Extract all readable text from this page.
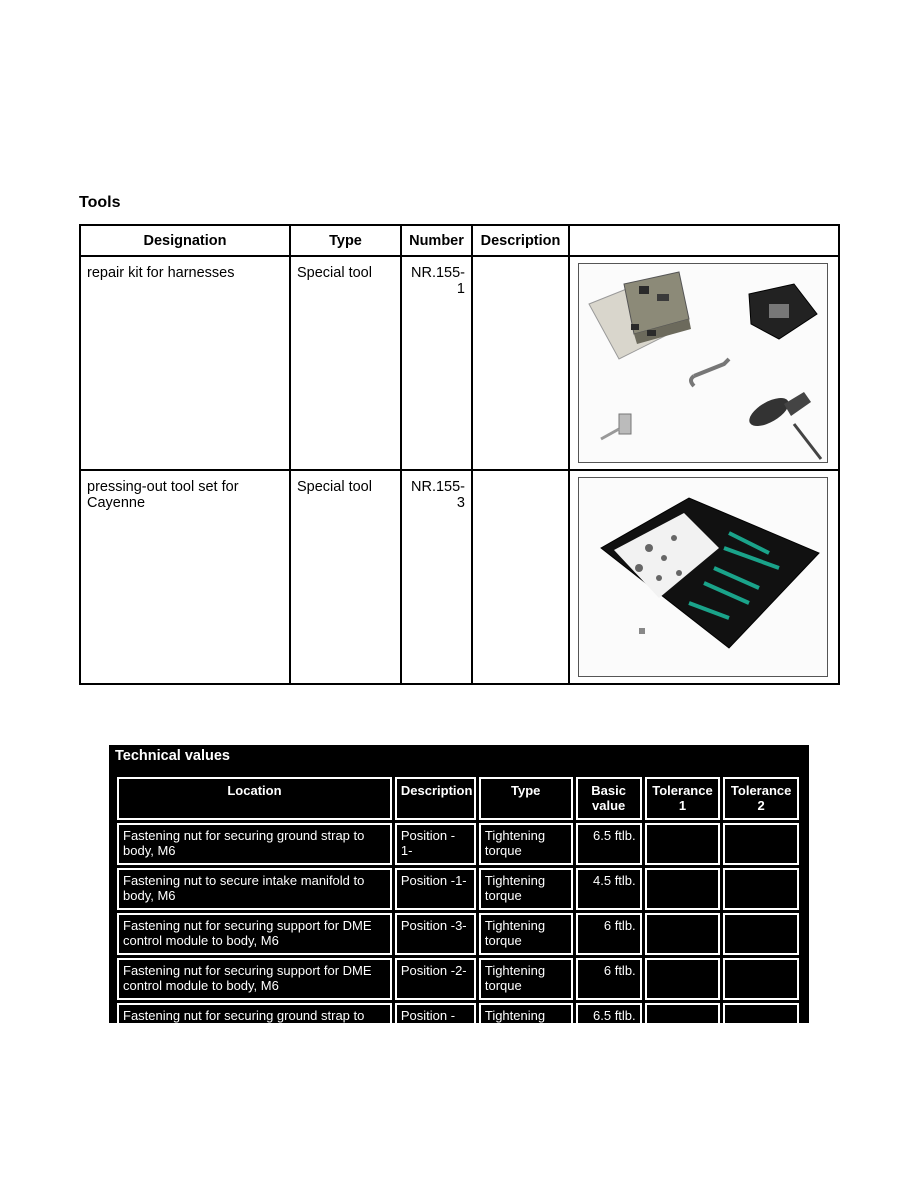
Tools
Designation	Type	Number	Description	
repair kit for harnesses	Special tool	NR.155-1		

pressing-out tool set for Cayenne	Special tool	NR.155-3		
Technical values
Location	Description	Type	Basic value	Tolerance 1	Tolerance 2
Fastening nut for securing ground strap to body, M6	Position - 1-	Tightening torque	6.5 ftlb.		
Fastening nut to secure intake manifold to body, M6	Position -1-	Tightening torque	4.5 ftlb.		
Fastening nut for securing support for DME control module to body, M6	Position -3-	Tightening torque	6 ftlb.		
Fastening nut for securing support for DME control module to body, M6	Position -2-	Tightening torque	6 ftlb.		
Fastening nut for securing ground strap to body, M6	Position - 1-	Tightening torque	6.5 ftlb.		
